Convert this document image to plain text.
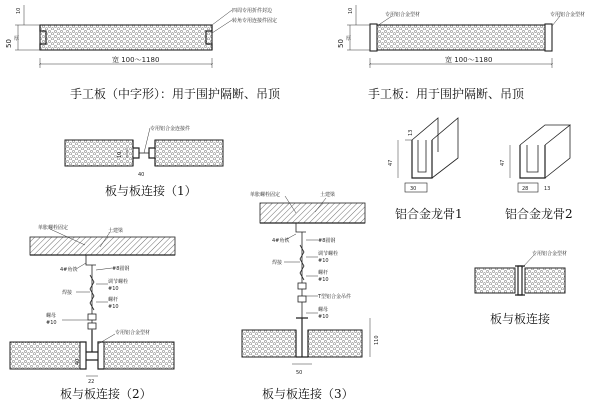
四周专用折件封边
转角专用连接件固定
50
厚
10
宽 100～1180
手工板（中字形）：用于围护隔断、吊顶
专用铝合金型材	专用铝合金型材
50
厚
10
宽 100～1180
手工板：用于围护隔断、吊顶
专用铝合金连接件
10
40
板与板连接（1）
47
13
30
铝合金龙骨1
47
28	13
铝合金龙骨2
单胀螺栓固定	土建梁
4#角铁	#8圆钢
焊接
调节螺栓
#10
螺杆
#10
螺母
#10
专用铝合金型材
40
22
板与板连接（2）
单胀螺栓固定	土建梁
4#角铁	#8圆钢
焊接
调节螺栓
#10
螺杆
#10
T型铝合金吊件
螺母
#10
50
110
板与板连接（3）
专用铝合金型材
板与板连接
